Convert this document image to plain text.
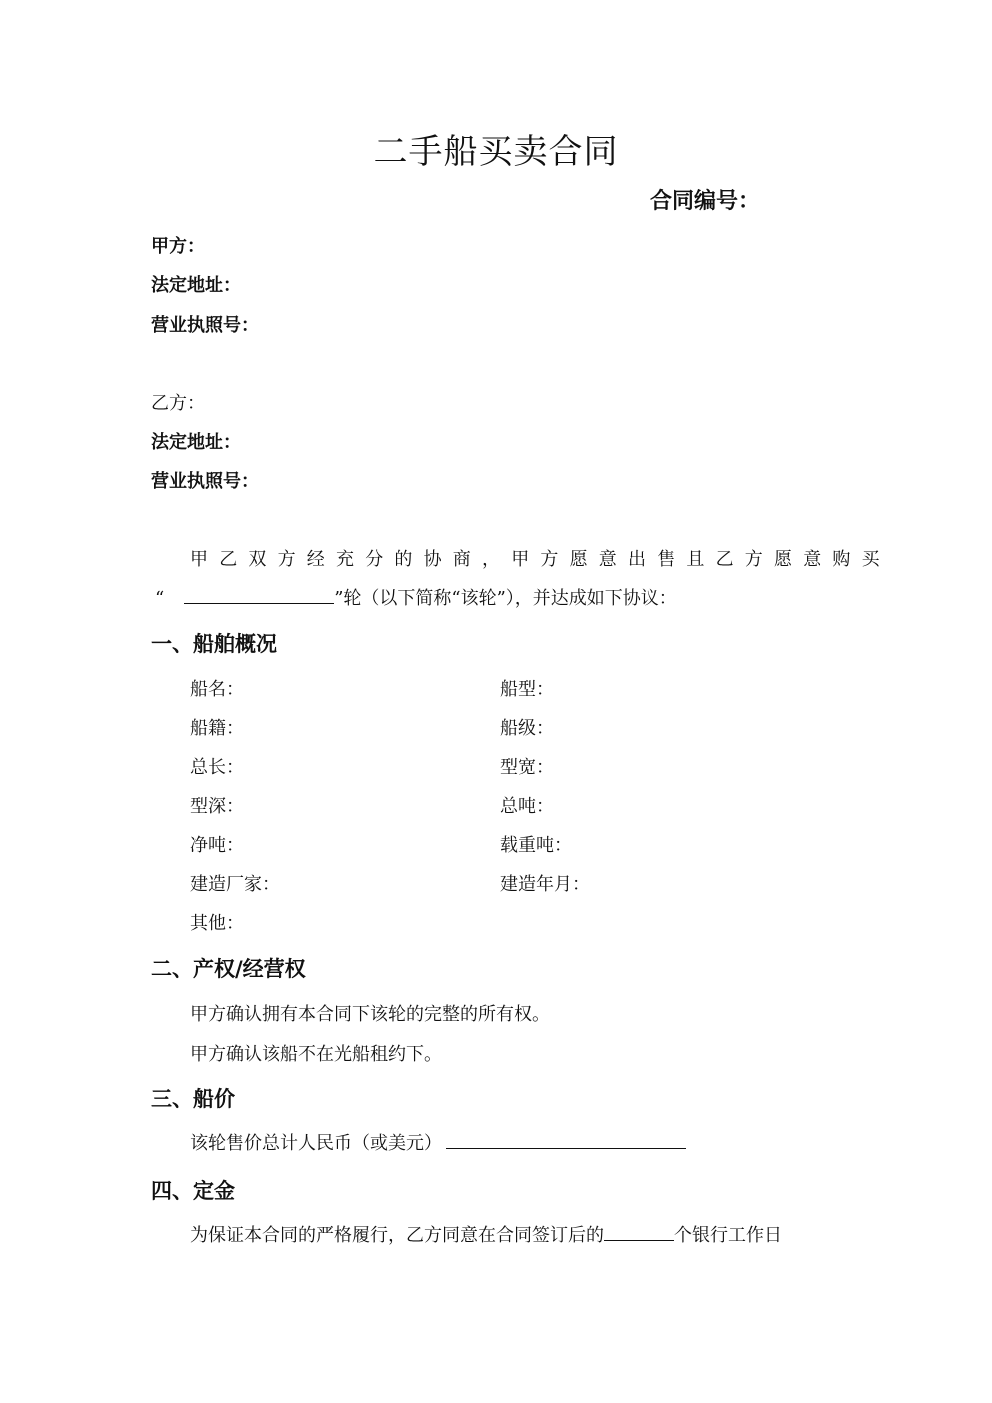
二手船买卖合同
合同编号：
甲方：
法定地址：
营业执照号：
乙方：
法定地址：
营业执照号：
甲乙双方经充分的协商，甲方愿意出售且乙方愿意购买
“	”轮（以下简称“该轮”），并达成如下协议：
一、船舶概况
船名：	船型：
船籍：	船级：
总长：	型宽：
型深：	总吨：
净吨：	载重吨：
建造厂家：	建造年月：
其他：
二、产权/经营权
甲方确认拥有本合同下该轮的完整的所有权。
甲方确认该船不在光船租约下。
三、船价
该轮售价总计人民币（或美元）
四、定金
为保证本合同的严格履行，乙方同意在合同签订后的	个银行工作日
